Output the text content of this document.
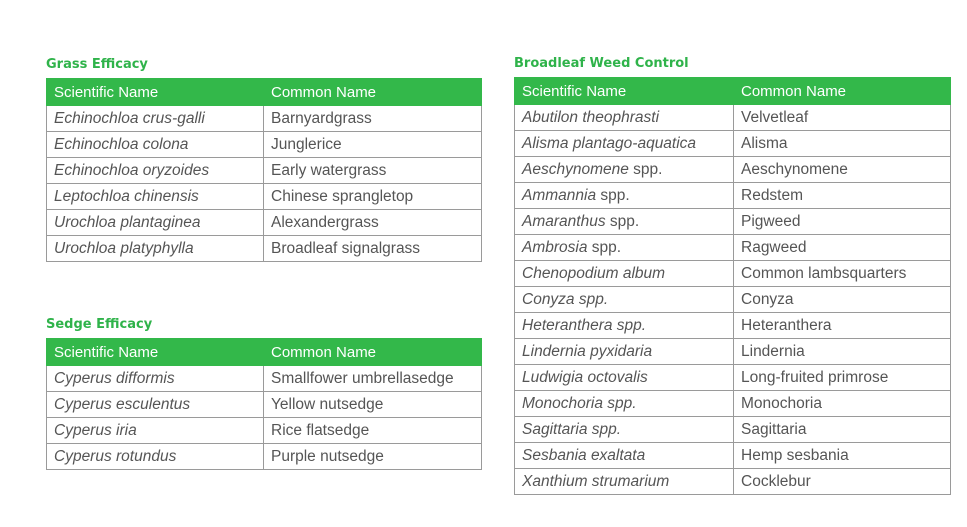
Grass Efficacy
Scientific Name	Common Name
Echinochloa crus-galli	Barnyardgrass
Echinochloa colona	Junglerice
Echinochloa oryzoides	Early watergrass
Leptochloa chinensis	Chinese sprangletop
Urochloa plantaginea	Alexandergrass
Urochloa platyphylla	Broadleaf signalgrass
Sedge Efficacy
Scientific Name	Common Name
Cyperus difformis	Smallfower umbrellasedge
Cyperus esculentus	Yellow nutsedge
Cyperus iria	Rice flatsedge
Cyperus rotundus	Purple nutsedge
Broadleaf Weed Control
Scientific Name	Common Name
Abutilon theophrasti	Velvetleaf
Alisma plantago-aquatica	Alisma
Aeschynomene spp.	Aeschynomene
Ammannia spp.	Redstem
Amaranthus spp.	Pigweed
Ambrosia spp.	Ragweed
Chenopodium album	Common lambsquarters
Conyza spp.	Conyza
Heteranthera spp.	Heteranthera
Lindernia pyxidaria	Lindernia
Ludwigia octovalis	Long-fruited primrose
Monochoria spp.	Monochoria
Sagittaria spp.	Sagittaria
Sesbania exaltata	Hemp sesbania
Xanthium strumarium	Cocklebur
